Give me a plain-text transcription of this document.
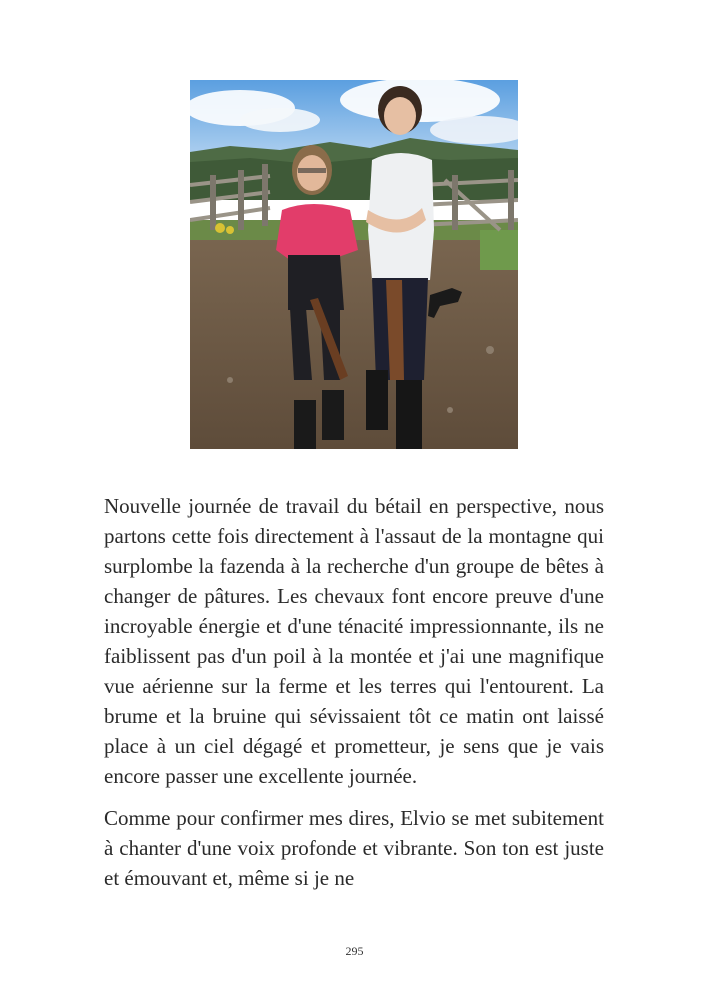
Nouvelle journée de travail du bétail en perspective, nous partons cette fois directement à l'assaut de la montagne qui surplombe la fazenda à la recherche d'un groupe de bêtes à changer de pâtures. Les chevaux font encore preuve d'une incroyable énergie et d'une ténacité impressionnante, ils ne faiblissent pas d'un poil à la montée et j'ai une magnifique vue aérienne sur la ferme et les terres qui l'entourent. La brume et la bruine qui sévissaient tôt ce matin ont laissé place à un ciel dégagé et prometteur, je sens que je vais encore passer une excellente journée.

Comme pour confirmer mes dires, Elvio se met subitement à chanter d'une voix profonde et vibrante. Son ton est juste et émouvant et, même si je ne

295
